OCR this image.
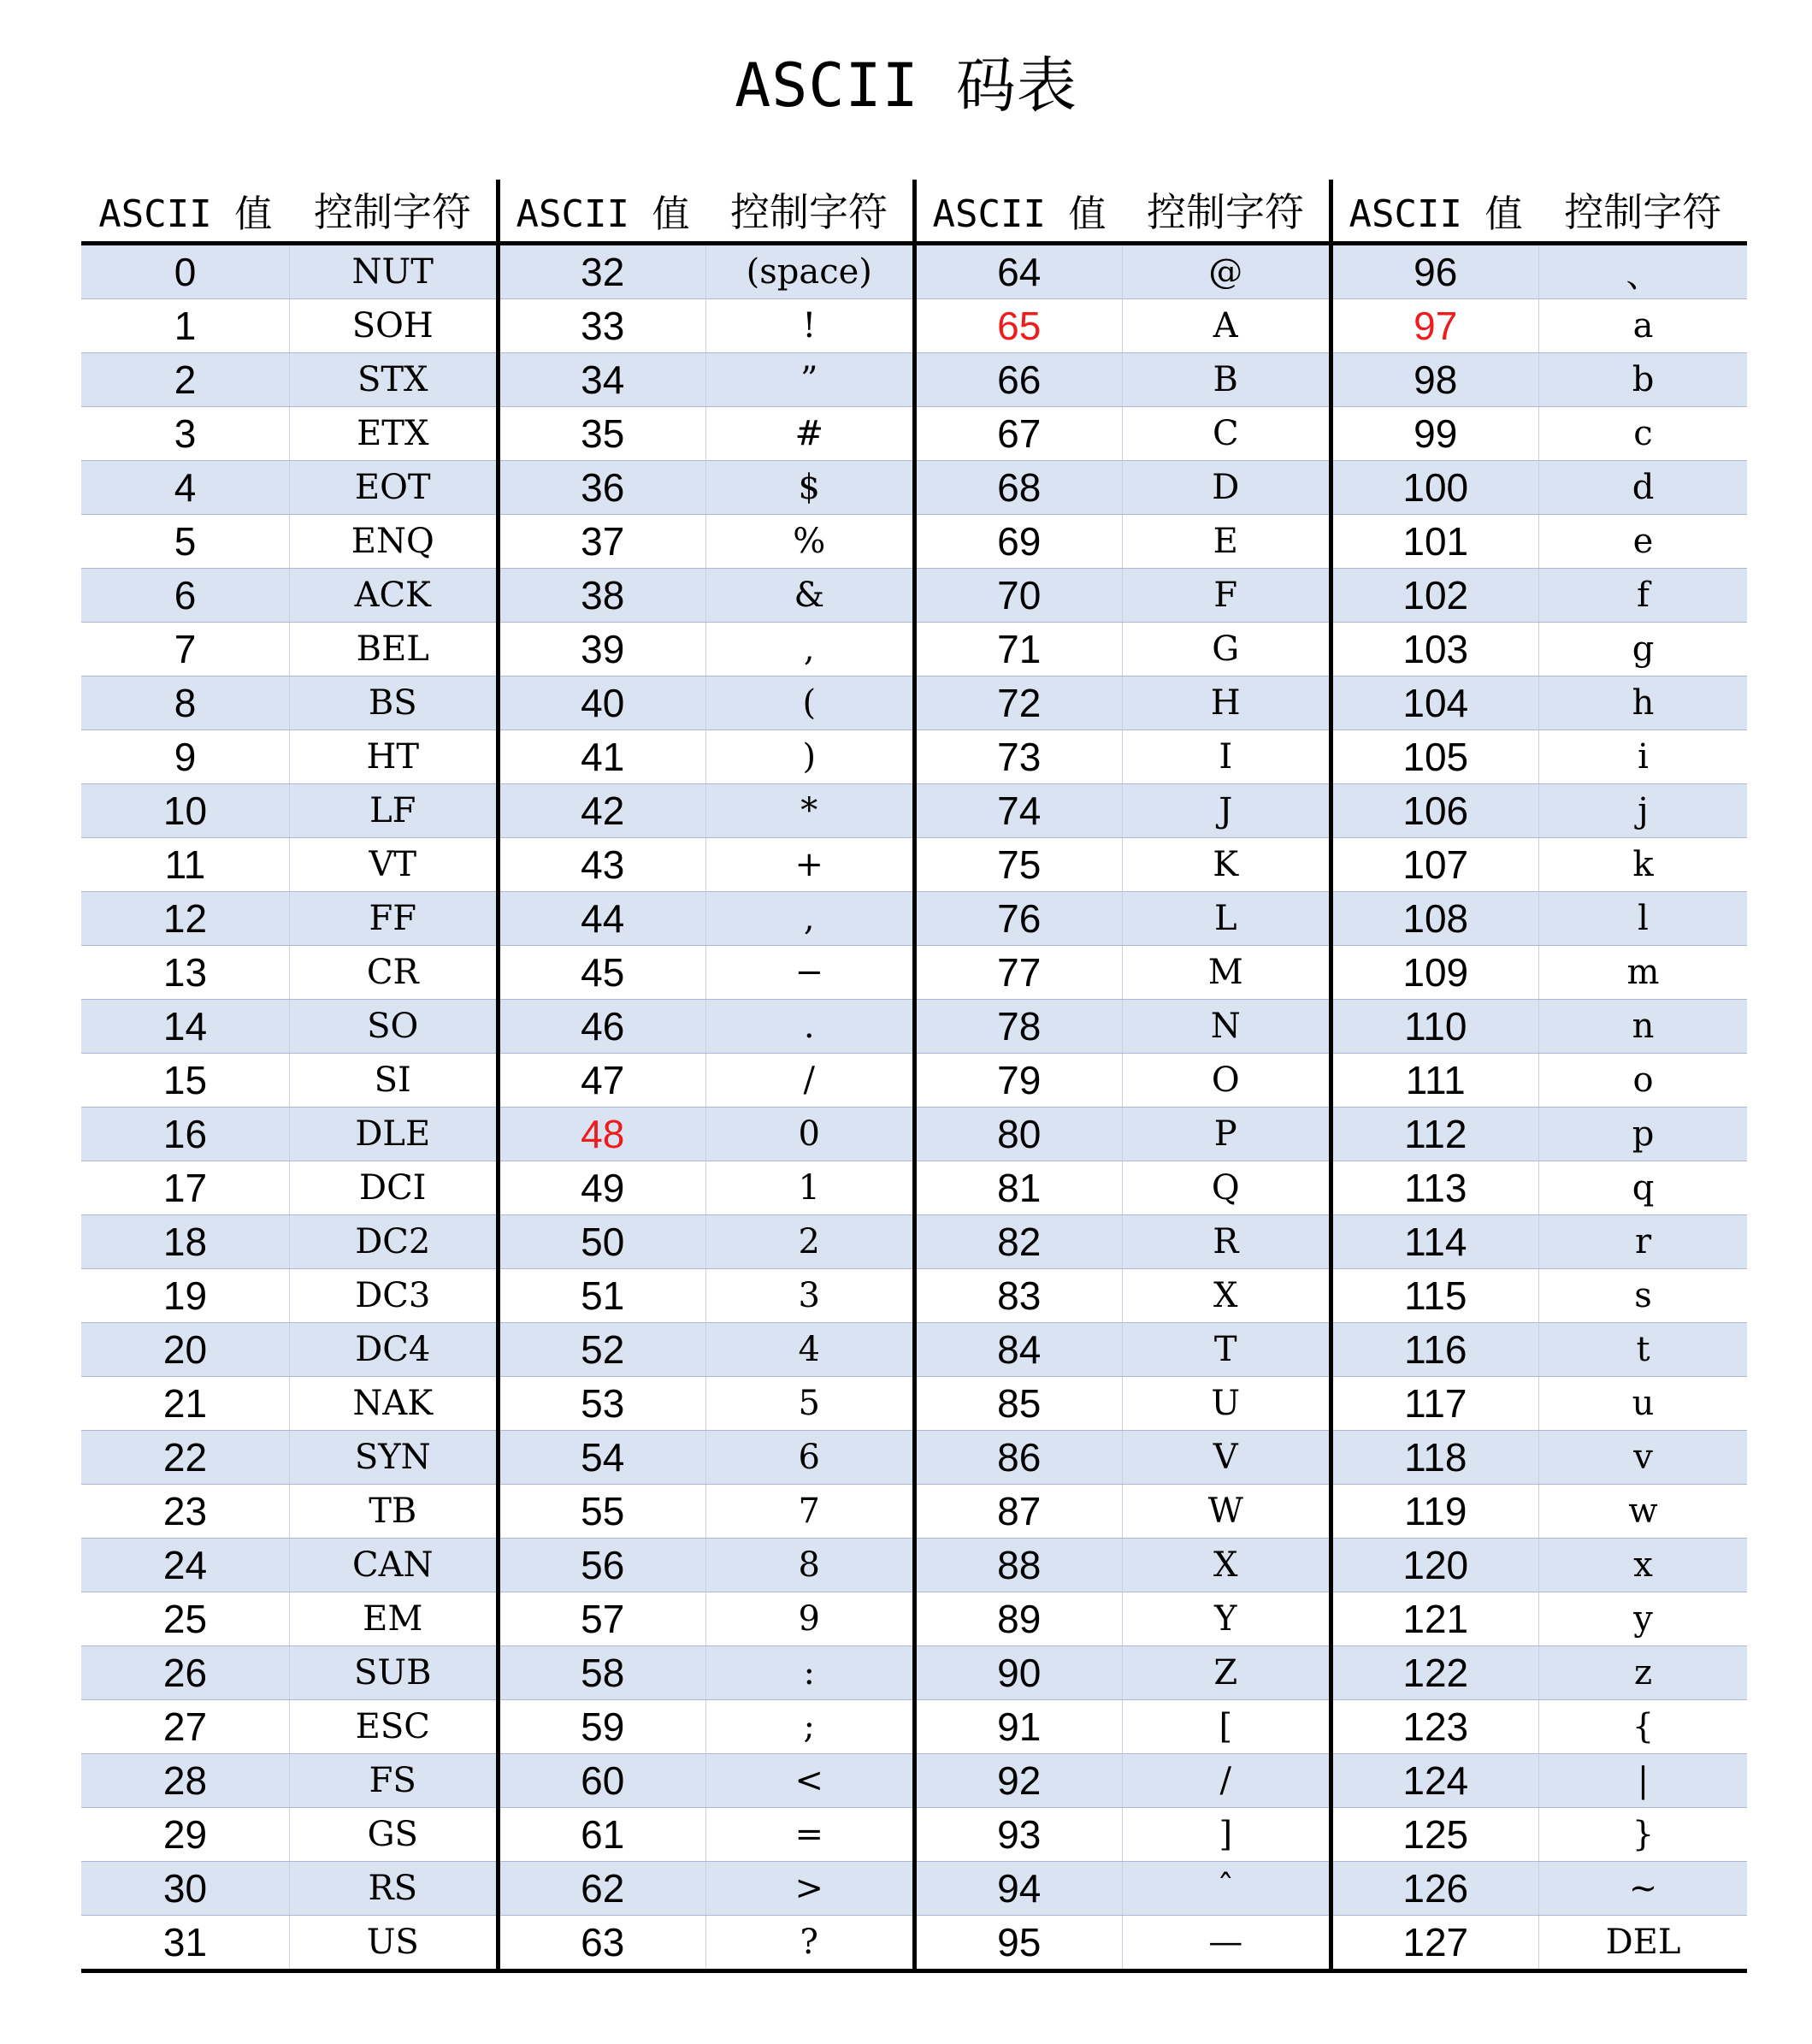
ASCII 码表
ASCII 值	控制字符	ASCII 值	控制字符	ASCII 值	控制字符	ASCII 值	控制字符
0	NUT	32	(space)	64	@	96	、
1	SOH	33	!	65	A	97	a
2	STX	34	”	66	B	98	b
3	ETX	35	#	67	C	99	c
4	EOT	36	$	68	D	100	d
5	ENQ	37	%	69	E	101	e
6	ACK	38	&	70	F	102	f
7	BEL	39	,	71	G	103	g
8	BS	40	(	72	H	104	h
9	HT	41	)	73	I	105	i
10	LF	42	*	74	J	106	j
11	VT	43	+	75	K	107	k
12	FF	44	,	76	L	108	l
13	CR	45	−	77	M	109	m
14	SO	46	.	78	N	110	n
15	SI	47	/	79	O	111	o
16	DLE	48	0	80	P	112	p
17	DCI	49	1	81	Q	113	q
18	DC2	50	2	82	R	114	r
19	DC3	51	3	83	X	115	s
20	DC4	52	4	84	T	116	t
21	NAK	53	5	85	U	117	u
22	SYN	54	6	86	V	118	v
23	TB	55	7	87	W	119	w
24	CAN	56	8	88	X	120	x
25	EM	57	9	89	Y	121	y
26	SUB	58	:	90	Z	122	z
27	ESC	59	;	91	[	123	{
28	FS	60	<	92	/	124	|
29	GS	61	=	93	]	125	}
30	RS	62	>	94	ˆ	126	~
31	US	63	?	95	—	127	DEL
